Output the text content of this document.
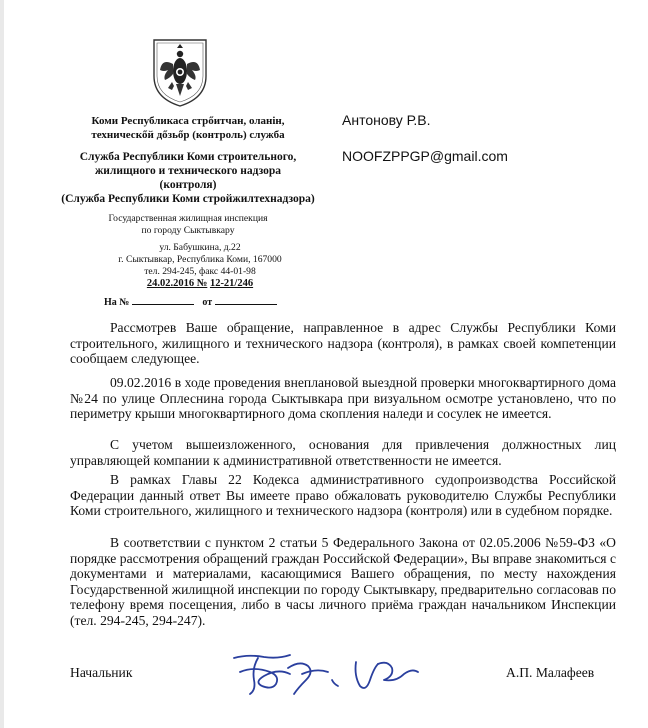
Коми Республикаса стрőитчан, оланін,
техническőй дőзьőр (контроль) служба
Служба Республики Коми строительного,
жилищного и технического надзора
(контроля)
(Служба Республики Коми стройжилтехнадзора)
Государственная жилищная инспекция
по городу Сыктывкару
ул. Бабушкина, д.22
г. Сыктывкар, Республика Коми, 167000
тел. 294-245, факс 44-01-98
24.02.2016 № 12-21/246
На №	от
Антонову Р.В.
NOOFZPPGP@gmail.com
Рассмотрев Ваше обращение, направленное в адрес Службы Республики Коми строительного, жилищного и технического надзора (контроля), в рамках своей компетенции сообщаем следующее.
09.02.2016 в ходе проведения внеплановой выездной проверки многоквартирного дома №24 по улице Оплеснина города Сыктывкара при визуальном осмотре установлено, что по периметру крыши многоквартирного дома скопления наледи и сосулек не имеется.
С учетом вышеизложенного, основания для привлечения должностных лиц управляющей компании к административной ответственности не имеется.
В рамках Главы 22 Кодекса административного судопроизводства Российской Федерации данный ответ Вы имеете право обжаловать руководителю Службы Республики Коми строительного, жилищного и технического надзора (контроля) или в судебном порядке.
В соответствии с пунктом 2 статьи 5 Федерального Закона от 02.05.2006 №59-ФЗ «О порядке рассмотрения обращений граждан Российской Федерации», Вы вправе знакомиться с документами и материалами, касающимися Вашего обращения, по месту нахождения Государственной жилищной инспекции по городу Сыктывкару, предварительно согласовав по телефону время посещения, либо в часы личного приёма граждан начальником Инспекции (тел. 294-245, 294-247).
Начальник	А.П. Малафеев
